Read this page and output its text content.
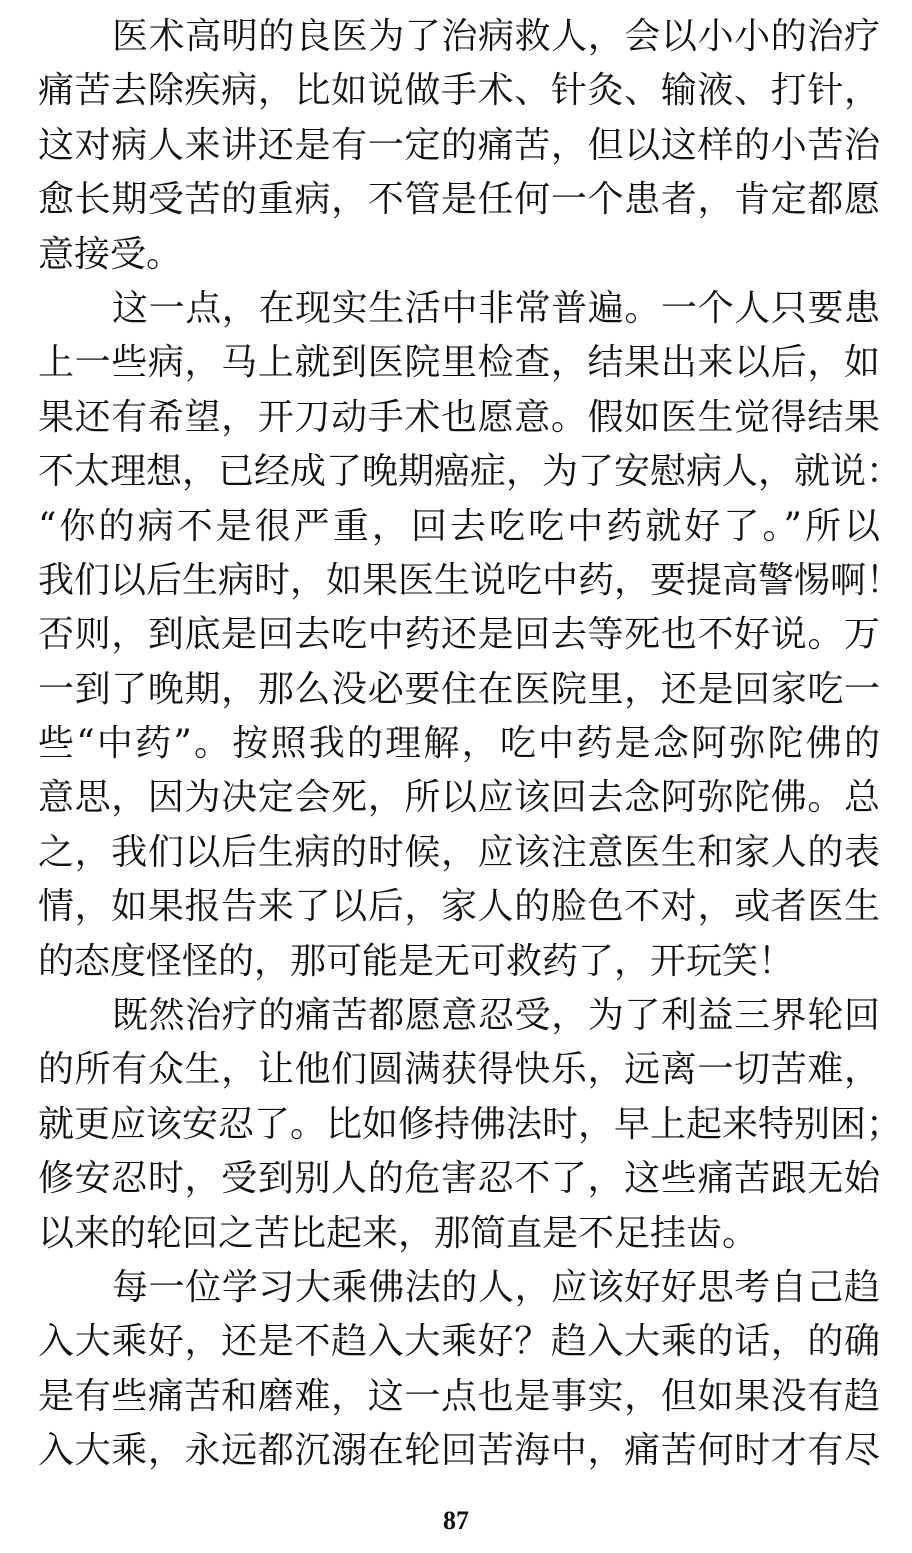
医术高明的良医为了治病救人，会以小小的治疗
痛苦去除疾病，比如说做手术、针灸、输液、打针，
这对病人来讲还是有一定的痛苦，但以这样的小苦治
愈长期受苦的重病，不管是任何一个患者，肯定都愿
意接受。
这一点，在现实生活中非常普遍。一个人只要患
上一些病，马上就到医院里检查，结果出来以后，如
果还有希望，开刀动手术也愿意。假如医生觉得结果
不太理想，已经成了晚期癌症，为了安慰病人，就说：
“你的病不是很严重，回去吃吃中药就好了。”所以
我们以后生病时，如果医生说吃中药，要提高警惕啊！
否则，到底是回去吃中药还是回去等死也不好说。万
一到了晚期，那么没必要住在医院里，还是回家吃一
些“中药”。按照我的理解，吃中药是念阿弥陀佛的
意思，因为决定会死，所以应该回去念阿弥陀佛。总
之，我们以后生病的时候，应该注意医生和家人的表
情，如果报告来了以后，家人的脸色不对，或者医生
的态度怪怪的，那可能是无可救药了，开玩笑！
既然治疗的痛苦都愿意忍受，为了利益三界轮回
的所有众生，让他们圆满获得快乐，远离一切苦难，
就更应该安忍了。比如修持佛法时，早上起来特别困；
修安忍时，受到别人的危害忍不了，这些痛苦跟无始
以来的轮回之苦比起来，那简直是不足挂齿。
每一位学习大乘佛法的人，应该好好思考自己趋
入大乘好，还是不趋入大乘好？趋入大乘的话，的确
是有些痛苦和磨难，这一点也是事实，但如果没有趋
入大乘，永远都沉溺在轮回苦海中，痛苦何时才有尽
87
